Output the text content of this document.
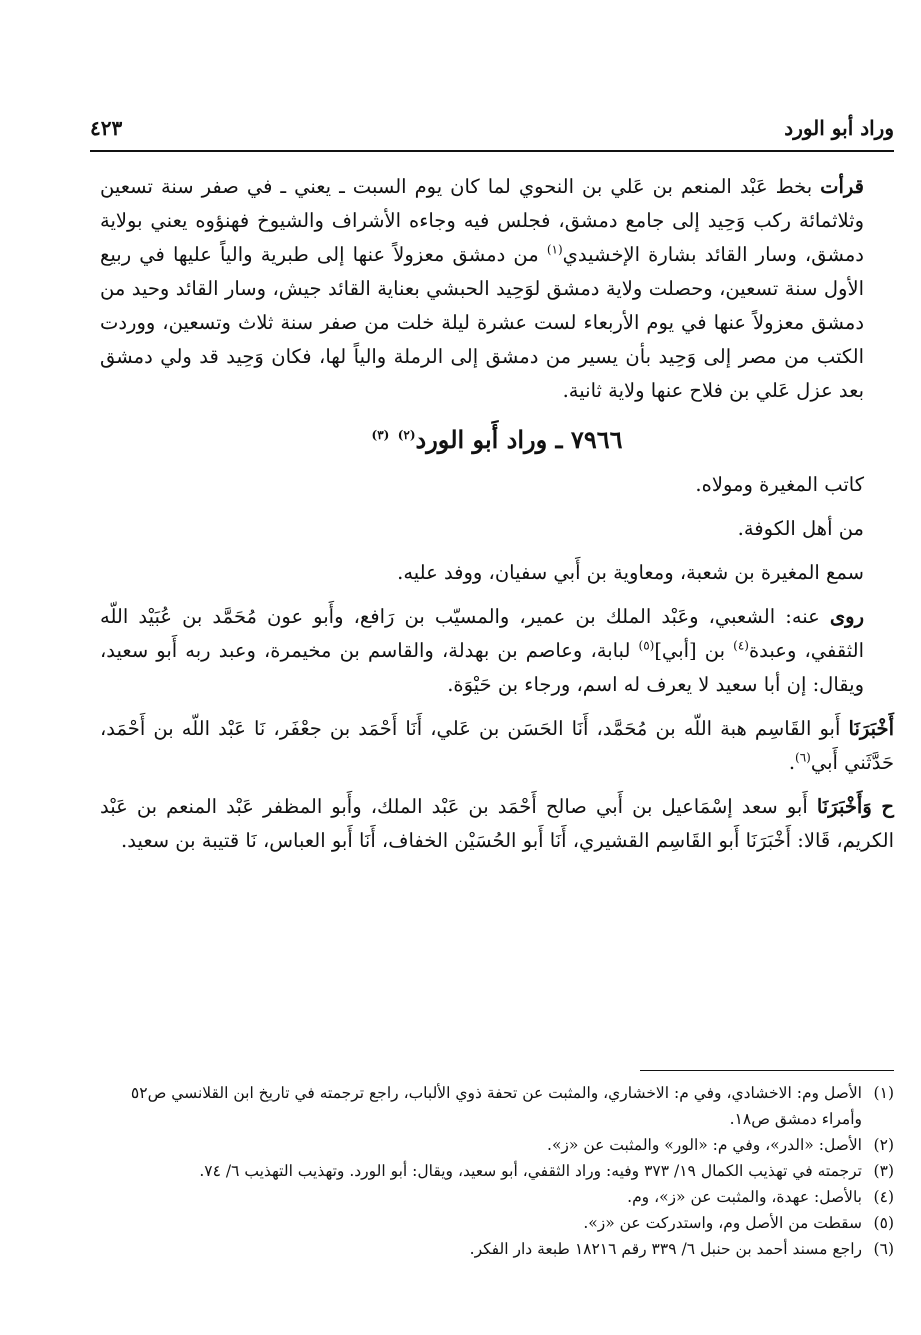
وراد أبو الورد
٤٢٣

قرأت بخط عَبْد المنعم بن عَلي بن النحوي لما كان يوم السبت ـ يعني ـ في صفر سنة تسعين وثلاثمائة ركب وَحِيد إلى جامع دمشق، فجلس فيه وجاءه الأشراف والشيوخ فهنؤوه يعني بولاية دمشق، وسار القائد بشارة الإخشيدي$^{(١)}$ من دمشق معزولاً عنها إلى طبرية والياً عليها في ربيع الأول سنة تسعين، وحصلت ولاية دمشق لوَحِيد الحبشي بعناية القائد جيش، وسار القائد وحيد من دمشق معزولاً عنها في يوم الأربعاء لست عشرة ليلة خلت من صفر سنة ثلاث وتسعين، ووردت الكتب من مصر إلى وَحِيد بأن يسير من دمشق إلى الرملة والياً لها، فكان وَحِيد قد ولي دمشق بعد عزل عَلي بن فلاح عنها ولاية ثانية.

٧٩٦٦ ـ وراد أَبو الورد$^{(٢)}$ $^{(٣)}$

كاتب المغيرة ومولاه.

من أهل الكوفة.

سمع المغيرة بن شعبة، ومعاوية بن أَبي سفيان، ووفد عليه.

روى عنه: الشعبي، وعَبْد الملك بن عمير، والمسيّب بن رَافع، وأَبو عون مُحَمَّد بن عُبَيْد اللّه الثقفي، وعبدة$^{(٤)}$ بن [أبي]$^{(٥)}$ لبابة، وعاصم بن بهدلة، والقاسم بن مخيمرة، وعبد ربه أَبو سعيد، ويقال: إن أبا سعيد لا يعرف له اسم، ورجاء بن حَيْوَة.

أَخْبَرَنَا أَبو القَاسِم هبة اللّه بن مُحَمَّد، أَنَا الحَسَن بن عَلي، أَنَا أَحْمَد بن جعْفَر، نَا عَبْد اللّه بن أَحْمَد، حَدَّثَني أَبي$^{(٦)}$.

ح وَأَخْبَرَنَا أَبو سعد إسْمَاعيل بن أَبي صالح أَحْمَد بن عَبْد الملك، وأَبو المظفر عَبْد المنعم بن عَبْد الكريم، قَالا: أَخْبَرَنَا أَبو القَاسِم القشيري، أَنَا أَبو الحُسَيْن الخفاف، أَنَا أَبو العباس، نَا قتيبة بن سعيد.

(١)
الأصل وم: الاخشادي، وفي م: الاخشاري، والمثبت عن تحفة ذوي الألباب، راجع ترجمته في تاريخ ابن القلانسي ص٥٢ وأمراء دمشق ص١٨.
(٢)
الأصل: «الدر»، وفي م: «الور» والمثبت عن «ز».
(٣)
ترجمته في تهذيب الكمال ١٩/ ٣٧٣ وفيه: وراد الثقفي، أبو سعيد، ويقال: أبو الورد. وتهذيب التهذيب ٦/ ٧٤.
(٤)
بالأصل: عهدة، والمثبت عن «ز»، وم.
(٥)
سقطت من الأصل وم، واستدركت عن «ز».
(٦)
راجع مسند أحمد بن حنبل ٦/ ٣٣٩ رقم ١٨٢١٦ طبعة دار الفكر.
